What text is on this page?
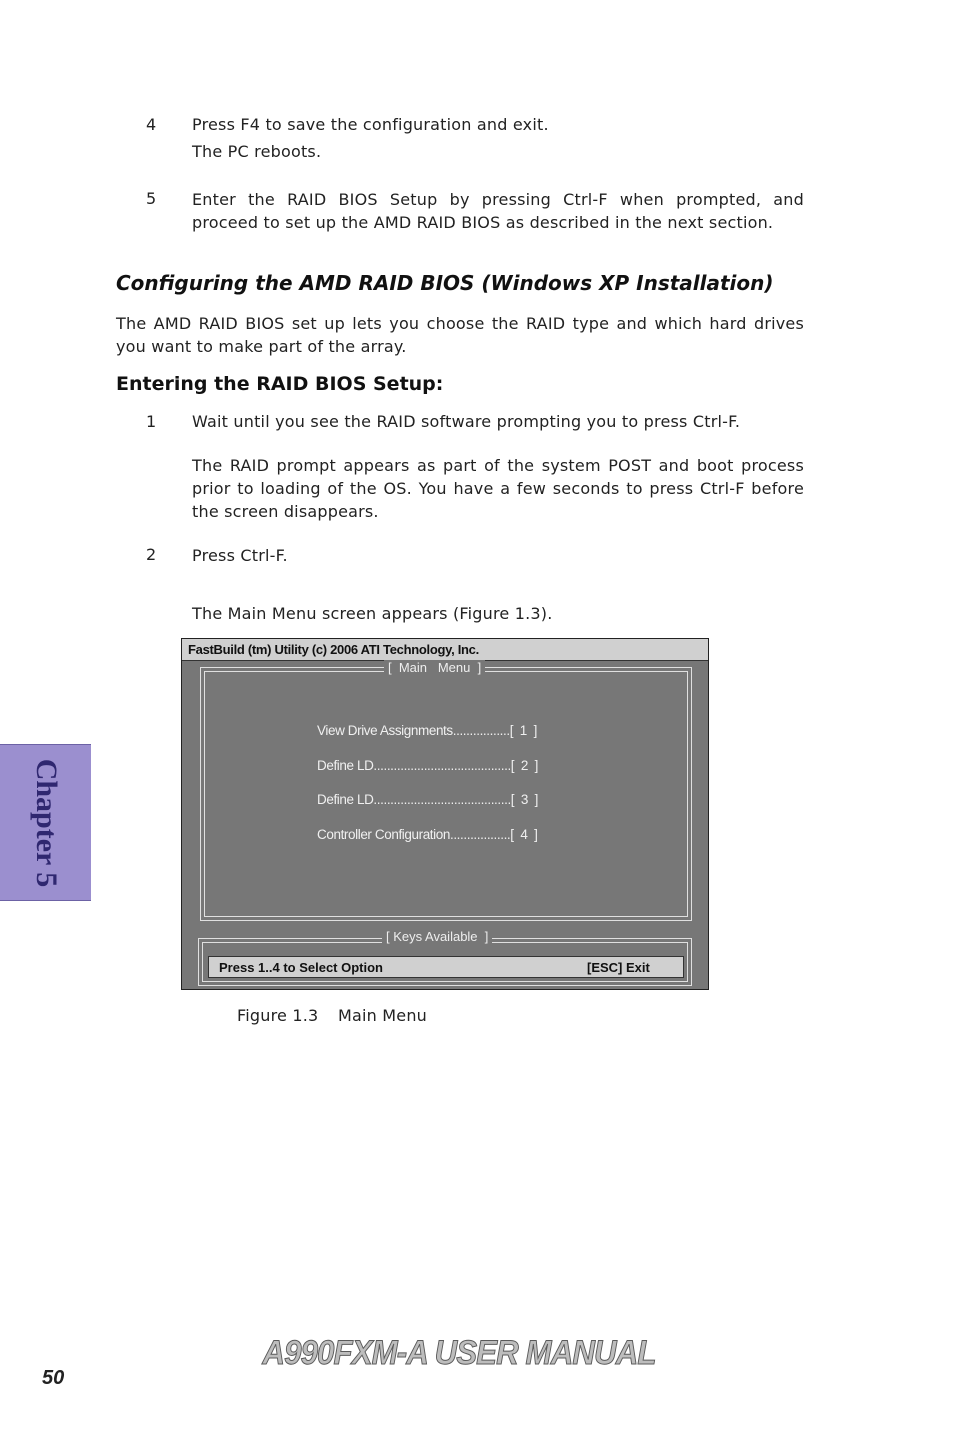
4 Press F4 to save the configuration and exit.
The PC reboots.
5 Enter the RAID BIOS Setup by pressing Ctrl-F when prompted, and proceed to set up the AMD RAID BIOS as described in the next section.
Configuring the AMD RAID BIOS (Windows XP Installation)
The AMD RAID BIOS set up lets you choose the RAID type and which hard drives you want to make part of the array.
Entering the RAID BIOS Setup:
1 Wait until you see the RAID software prompting you to press Ctrl-F.
The RAID prompt appears as part of the system POST and boot process prior to loading of the OS. You have a few seconds to press Ctrl-F before the screen disappears.
2 Press Ctrl-F.
The Main Menu screen appears (Figure 1.3).
FastBuild (tm) Utility (c) 2006 ATI Technology, Inc.
[  Main   Menu  ]
View Drive Assignments.................[  1  ]
Define LD.........................................[  2  ]
Define LD.........................................[  3  ]
Controller Configuration..................[  4  ]
[ Keys Available  ]
Press 1..4 to Select Option	[ESC] Exit
Figure 1.3 Main Menu
Chapter 5
A990FXM-A USER MANUAL
50
